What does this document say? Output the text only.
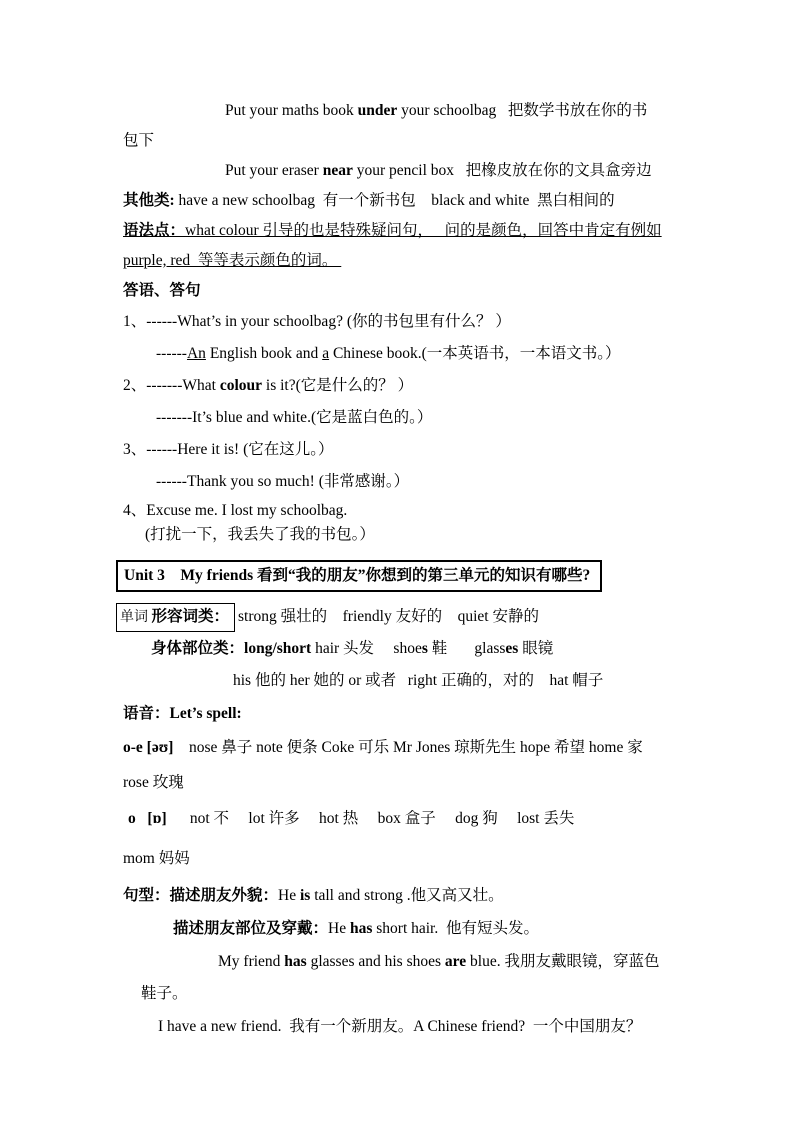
Put your maths book under your schoolbag   把数学书放在你的书

包下

Put your eraser near your pencil box   把橡皮放在你的文具盒旁边

其他类: have a new schoolbag  有一个新书包    black and white  黑白相间的

语法点：what colour 引导的也是特殊疑问句，   问的是颜色，回答中肯定有例如

purple, red  等等表示颜色的词。

答语、答句

1、------What’s in your schoolbag? (你的书包里有什么？ ）

------An English book and a Chinese book.(一本英语书，一本语文书。）

2、-------What colour is it?(它是什么的？ ）

-------It’s blue and white.(它是蓝白色的。）

3、------Here it is! (它在这儿。）

------Thank you so much! (非常感谢。）

4、Excuse me. I lost my schoolbag.

(打扰一下，我丢失了我的书包。）

Unit 3　My friends 看到“我的朋友”你想到的第三单元的知识有哪些?

单词 形容词类： strong 强壮的    friendly 友好的    quiet 安静的

身体部位类：long/short hair 头发     shoes 鞋       glasses 眼镜

his 他的 her 她的 or 或者   right 正确的，对的    hat 帽子

语音：Let’s spell:

o-e [əʊ]    nose 鼻子 note 便条 Coke 可乐 Mr Jones 琼斯先生 hope 希望 home 家

rose 玫瑰

o   [ɒ]      not 不     lot 许多     hot 热     box 盒子     dog 狗     lost 丢失

mom 妈妈

句型：描述朋友外貌：He is tall and strong .他又高又壮。

描述朋友部位及穿戴：He has short hair.  他有短头发。

My friend has glasses and his shoes are blue. 我朋友戴眼镜，穿蓝色

鞋子。

I have a new friend.  我有一个新朋友。A Chinese friend?  一个中国朋友？
